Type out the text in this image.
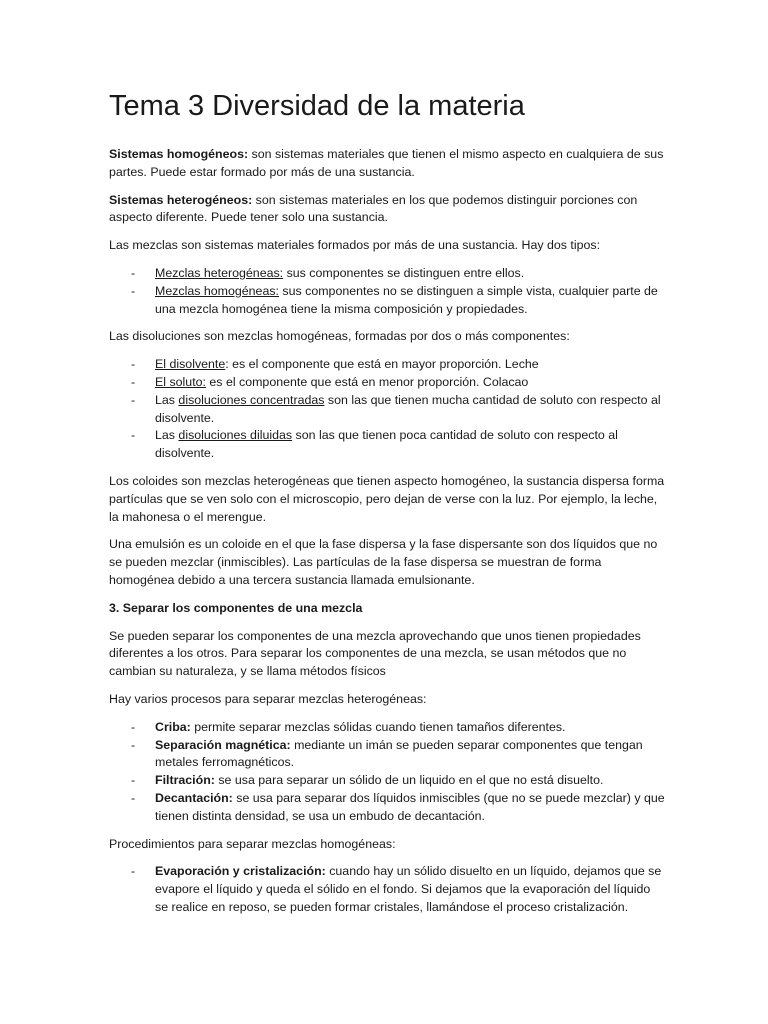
Tema 3 Diversidad de la materia

Sistemas homogéneos: son sistemas materiales que tienen el mismo aspecto en cualquiera de sus partes. Puede estar formado por más de una sustancia.

Sistemas heterogéneos: son sistemas materiales en los que podemos distinguir porciones con aspecto diferente. Puede tener solo una sustancia.

Las mezclas son sistemas materiales formados por más de una sustancia. Hay dos tipos:

- Mezclas heterogéneas: sus componentes se distinguen entre ellos.
- Mezclas homogéneas: sus componentes no se distinguen a simple vista, cualquier parte de una mezcla homogénea tiene la misma composición y propiedades.

Las disoluciones son mezclas homogéneas, formadas por dos o más componentes:

- El disolvente: es el componente que está en mayor proporción. Leche
- El soluto: es el componente que está en menor proporción. Colacao
- Las disoluciones concentradas son las que tienen mucha cantidad de soluto con respecto al disolvente.
- Las disoluciones diluidas son las que tienen poca cantidad de soluto con respecto al disolvente.

Los coloides son mezclas heterogéneas que tienen aspecto homogéneo, la sustancia dispersa forma partículas que se ven solo con el microscopio, pero dejan de verse con la luz. Por ejemplo, la leche, la mahonesa o el merengue.

Una emulsión es un coloide en el que la fase dispersa y la fase dispersante son dos líquidos que no se pueden mezclar (inmiscibles). Las partículas de la fase dispersa se muestran de forma homogénea debido a una tercera sustancia llamada emulsionante.

3. Separar los componentes de una mezcla

Se pueden separar los componentes de una mezcla aprovechando que unos tienen propiedades diferentes a los otros. Para separar los componentes de una mezcla, se usan métodos que no cambian su naturaleza, y se llama métodos físicos

Hay varios procesos para separar mezclas heterogéneas:

- Criba: permite separar mezclas sólidas cuando tienen tamaños diferentes.
- Separación magnética: mediante un imán se pueden separar componentes que tengan metales ferromagnéticos.
- Filtración: se usa para separar un sólido de un liquido en el que no está disuelto.
- Decantación: se usa para separar dos líquidos inmiscibles (que no se puede mezclar) y que tienen distinta densidad, se usa un embudo de decantación.

Procedimientos para separar mezclas homogéneas:

- Evaporación y cristalización: cuando hay un sólido disuelto en un líquido, dejamos que se evapore el líquido y queda el sólido en el fondo. Si dejamos que la evaporación del líquido se realice en reposo, se pueden formar cristales, llamándose el proceso cristalización.
